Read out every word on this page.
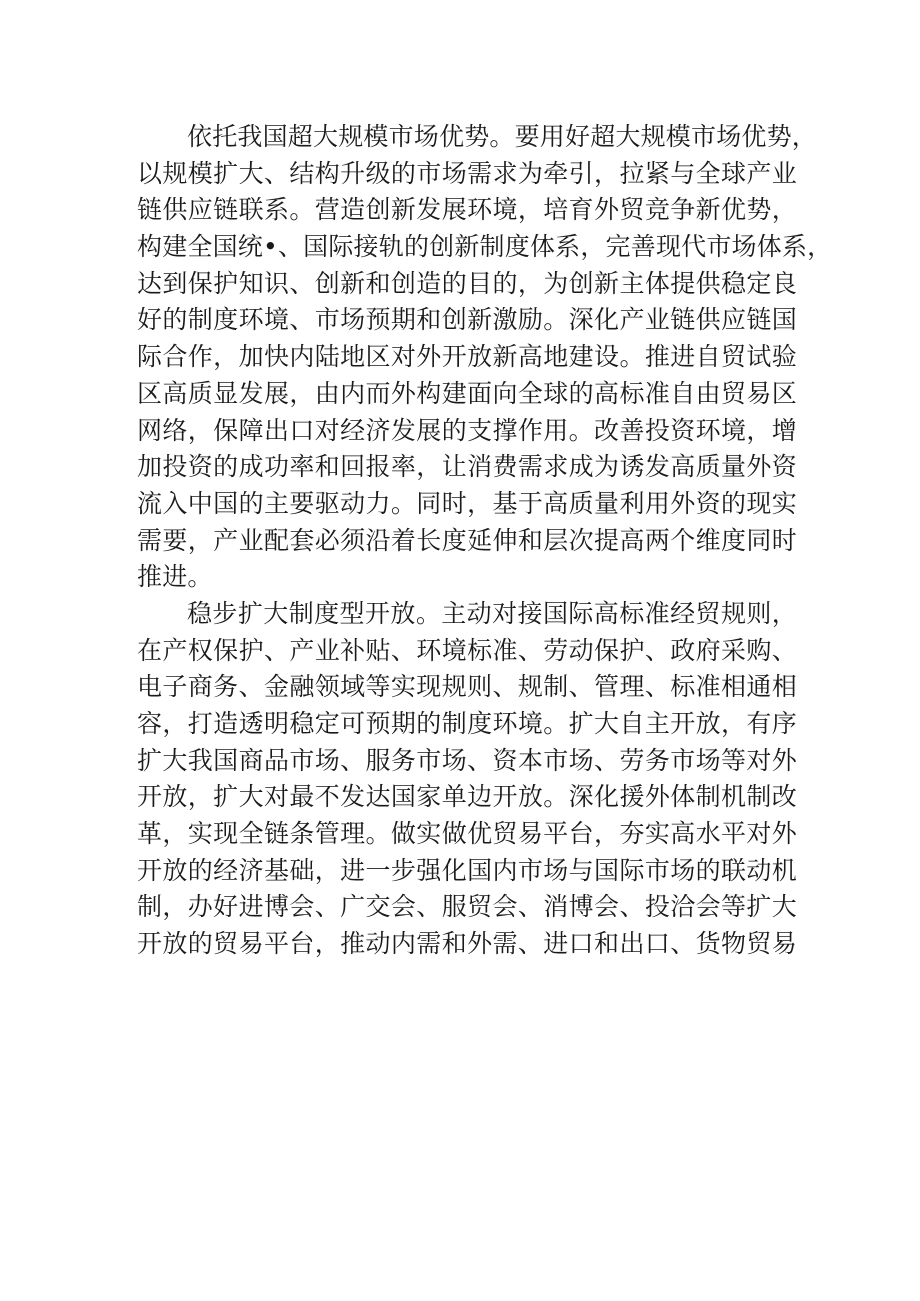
依托我国超大规模市场优势。要用好超大规模市场优势，
以规模扩大、结构升级的市场需求为牵引，拉紧与全球产业
链供应链联系。营造创新发展环境，培育外贸竞争新优势，
构建全国统•、国际接轨的创新制度体系，完善现代市场体系，
达到保护知识、创新和创造的目的，为创新主体提供稳定良
好的制度环境、市场预期和创新激励。深化产业链供应链国
际合作，加快内陆地区对外开放新高地建设。推进自贸试验
区高质显发展，由内而外构建面向全球的高标准自由贸易区
网络，保障出口对经济发展的支撑作用。改善投资环境，增
加投资的成功率和回报率，让消费需求成为诱发高质量外资
流入中国的主要驱动力。同时，基于高质量利用外资的现实
需要，产业配套必须沿着长度延伸和层次提高两个维度同时
推进。
稳步扩大制度型开放。主动对接国际高标准经贸规则，
在产权保护、产业补贴、环境标准、劳动保护、政府采购、
电子商务、金融领域等实现规则、规制、管理、标准相通相
容，打造透明稳定可预期的制度环境。扩大自主开放，有序
扩大我国商品市场、服务市场、资本市场、劳务市场等对外
开放，扩大对最不发达国家单边开放。深化援外体制机制改
革，实现全链条管理。做实做优贸易平台，夯实高水平对外
开放的经济基础，进一步强化国内市场与国际市场的联动机
制，办好进博会、广交会、服贸会、消博会、投洽会等扩大
开放的贸易平台，推动内需和外需、进口和出口、货物贸易
